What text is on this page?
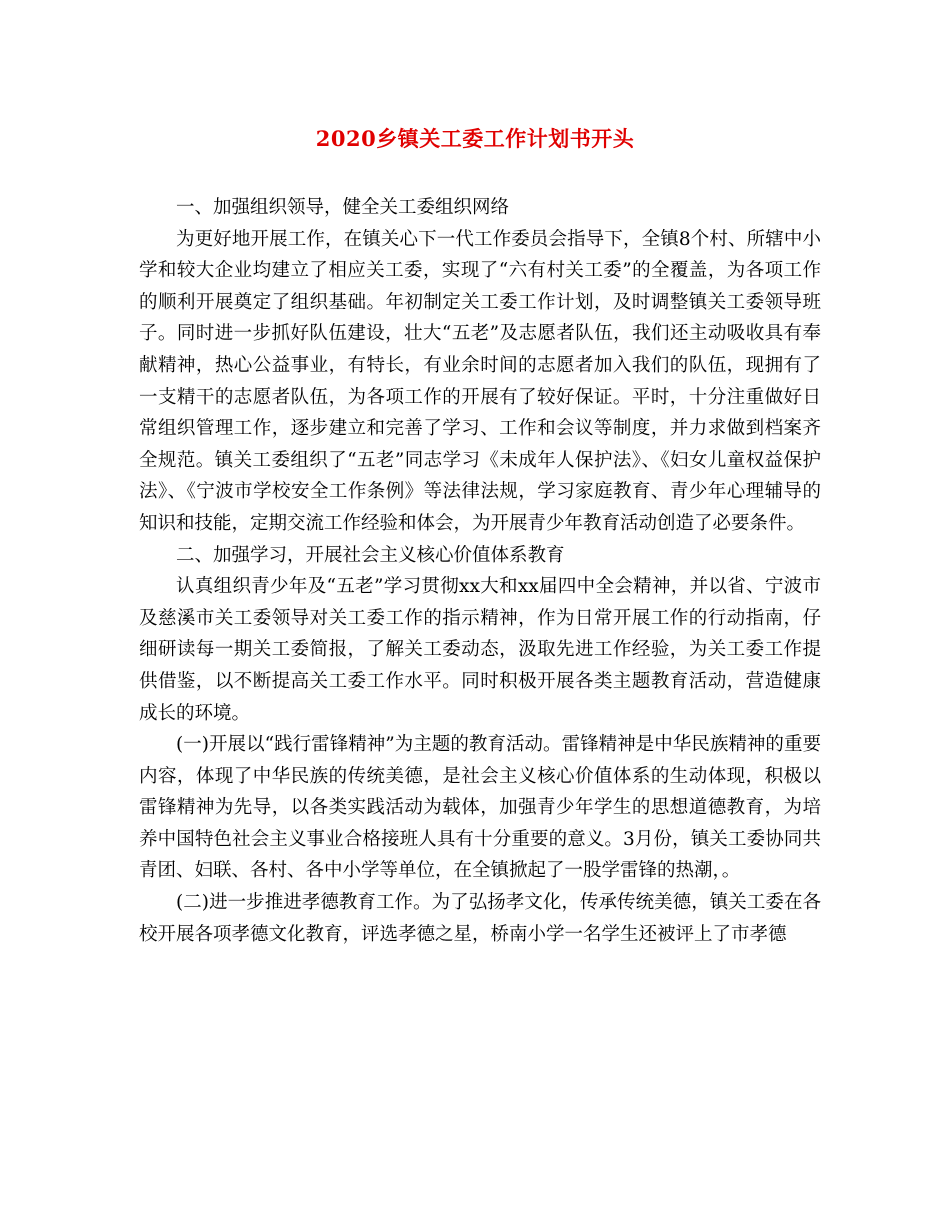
2020乡镇关工委工作计划书开头

一、加强组织领导，健全关工委组织网络

为更好地开展工作，在镇关心下一代工作委员会指导下，全镇8个村、所辖中小学和较大企业均建立了相应关工委，实现了“六有村关工委”的全覆盖，为各项工作的顺利开展奠定了组织基础。年初制定关工委工作计划，及时调整镇关工委领导班子。同时进一步抓好队伍建设，壮大“五老”及志愿者队伍，我们还主动吸收具有奉献精神，热心公益事业，有特长，有业余时间的志愿者加入我们的队伍，现拥有了一支精干的志愿者队伍，为各项工作的开展有了较好保证。平时，十分注重做好日常组织管理工作，逐步建立和完善了学习、工作和会议等制度，并力求做到档案齐全规范。镇关工委组织了“五老”同志学习《未成年人保护法》、《妇女儿童权益保护法》、《宁波市学校安全工作条例》等法律法规，学习家庭教育、青少年心理辅导的知识和技能，定期交流工作经验和体会，为开展青少年教育活动创造了必要条件。

二、加强学习，开展社会主义核心价值体系教育

认真组织青少年及“五老”学习贯彻xx大和xx届四中全会精神，并以省、宁波市及慈溪市关工委领导对关工委工作的指示精神，作为日常开展工作的行动指南，仔细研读每一期关工委简报，了解关工委动态，汲取先进工作经验，为关工委工作提供借鉴，以不断提高关工委工作水平。同时积极开展各类主题教育活动，营造健康成长的环境。

(一)开展以“践行雷锋精神”为主题的教育活动。雷锋精神是中华民族精神的重要内容，体现了中华民族的传统美德，是社会主义核心价值体系的生动体现，积极以雷锋精神为先导，以各类实践活动为载体，加强青少年学生的思想道德教育，为培养中国特色社会主义事业合格接班人具有十分重要的意义。3月份，镇关工委协同共青团、妇联、各村、各中小学等单位，在全镇掀起了一股学雷锋的热潮，。

(二)进一步推进孝德教育工作。为了弘扬孝文化，传承传统美德，镇关工委在各校开展各项孝德文化教育，评选孝德之星，桥南小学一名学生还被评上了市孝德
